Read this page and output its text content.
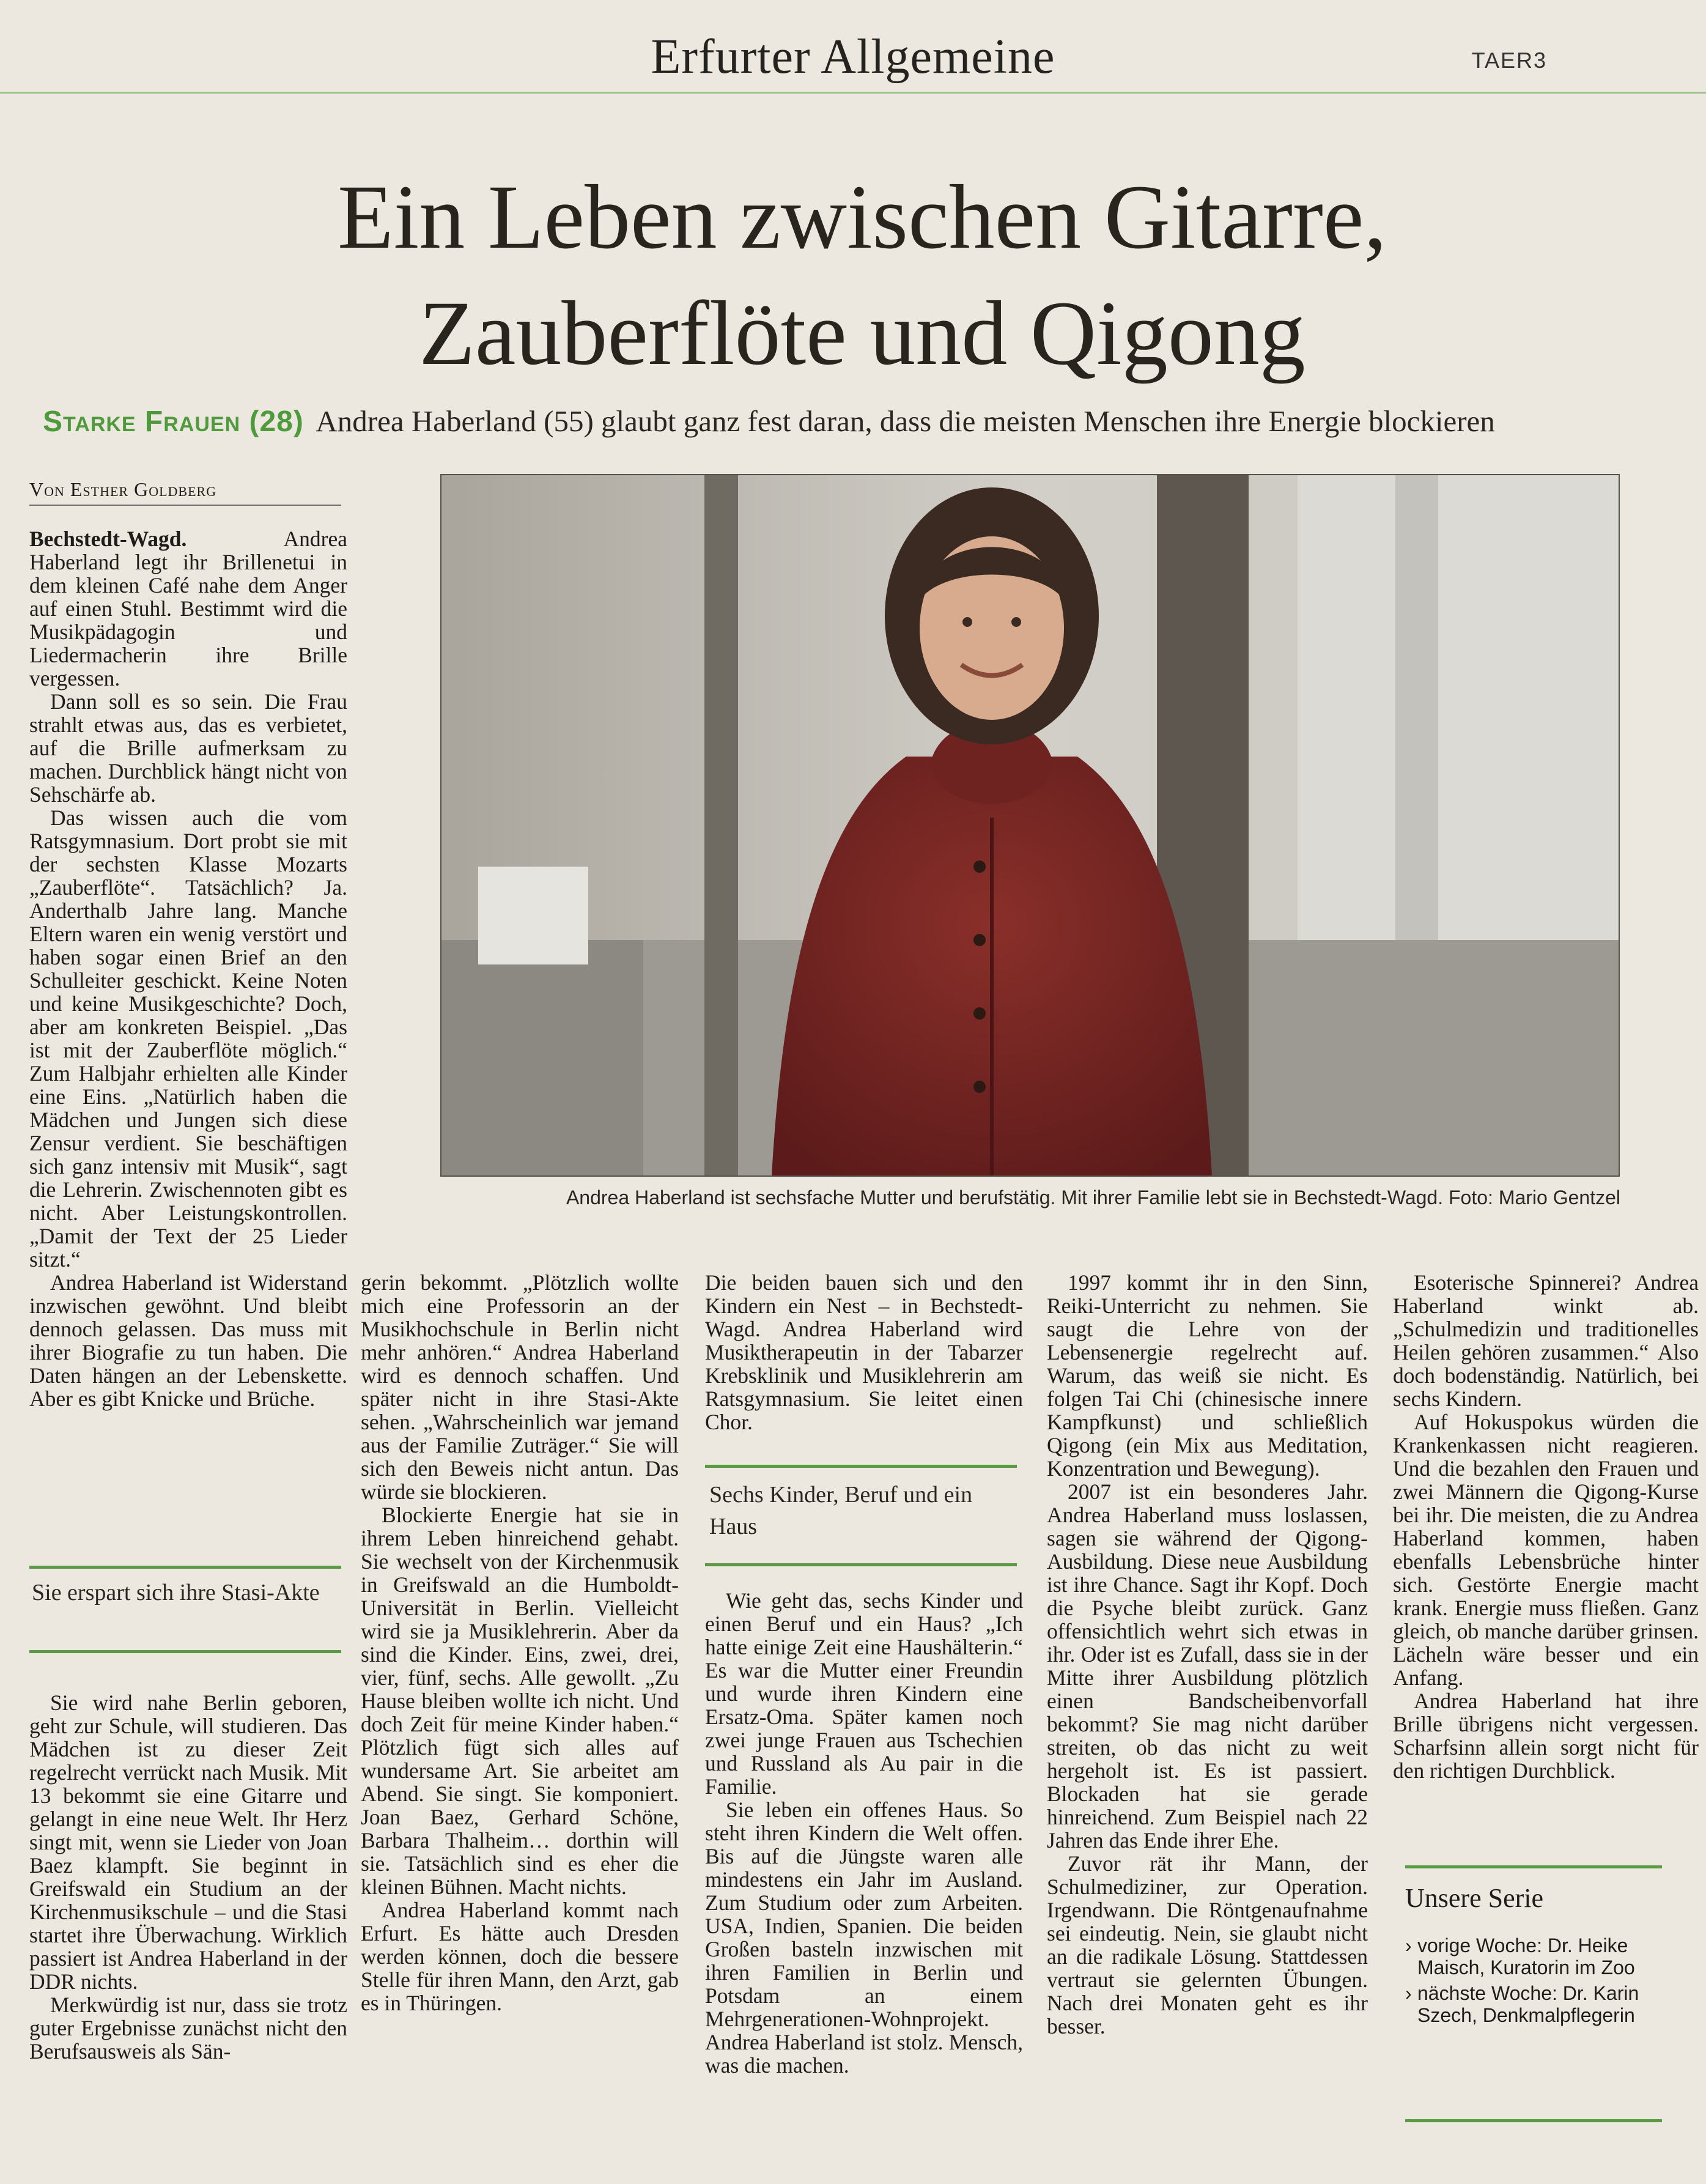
Erfurter Allgemeine	TAER3
Ein Leben zwischen Gitarre,
Zauberflöte und Qigong
Starke Frauen (28) Andrea Haberland (55) glaubt ganz fest daran, dass die meisten Menschen ihre Energie blockieren
Von Esther Goldberg
Andrea Haberland ist sechsfache Mutter und berufstätig. Mit ihrer Familie lebt sie in Bechstedt-Wagd. Foto: Mario Gentzel

Bechstedt-Wagd.	Andrea Haberland legt ihr Brillenetui in dem kleinen Café nahe dem Anger auf einen Stuhl. Bestimmt wird die Musikpädagogin und Liedermacherin ihre Brille vergessen.

Dann soll es so sein. Die Frau strahlt etwas aus, das es verbietet, auf die Brille aufmerksam zu machen. Durchblick hängt nicht von Sehschärfe ab.

Das wissen auch die vom Ratsgymnasium. Dort probt sie mit der sechsten Klasse Mozarts „Zauberflöte“. Tatsächlich? Ja. Anderthalb Jahre lang. Manche Eltern waren ein wenig verstört und haben sogar einen Brief an den Schulleiter geschickt. Keine Noten und keine Musikgeschichte? Doch, aber am konkreten Beispiel. „Das ist mit der Zauberflöte möglich.“ Zum Halbjahr erhielten alle Kinder eine Eins. „Natürlich haben die Mädchen und Jungen sich diese Zensur verdient. Sie beschäftigen sich ganz intensiv mit Musik“, sagt die Lehrerin. Zwischennoten gibt es nicht. Aber Leistungskontrollen. „Damit der Text der 25 Lieder sitzt.“

Andrea Haberland ist Widerstand inzwischen gewöhnt. Und bleibt dennoch gelassen. Das muss mit ihrer Biografie zu tun haben. Die Daten hängen an der Lebenskette. Aber es gibt Knicke und Brüche.

Sie erspart sich ihre Stasi-Akte

Sie wird nahe Berlin geboren, geht zur Schule, will studieren. Das Mädchen ist zu dieser Zeit regelrecht verrückt nach Musik. Mit 13 bekommt sie eine Gitarre und gelangt in eine neue Welt. Ihr Herz singt mit, wenn sie Lieder von Joan Baez klampft. Sie beginnt in Greifswald ein Studium an der Kirchenmusikschule – und die Stasi startet ihre Überwachung. Wirklich passiert ist Andrea Haberland in der DDR nichts.

Merkwürdig ist nur, dass sie trotz guter Ergebnisse zunächst nicht den Berufsausweis als Sän-

gerin bekommt. „Plötzlich wollte mich eine Professorin an der Musikhochschule in Berlin nicht mehr anhören.“ Andrea Haberland wird es dennoch schaffen. Und später nicht in ihre Stasi-Akte sehen. „Wahrscheinlich war jemand aus der Familie Zuträger.“ Sie will sich den Beweis nicht antun. Das würde sie blockieren.

Blockierte Energie hat sie in ihrem Leben hinreichend gehabt. Sie wechselt von der Kirchenmusik in Greifswald an die Humboldt-Universität in Berlin. Vielleicht wird sie ja Musiklehrerin. Aber da sind die Kinder. Eins, zwei, drei, vier, fünf, sechs. Alle gewollt. „Zu Hause bleiben wollte ich nicht. Und doch Zeit für meine Kinder haben.“ Plötzlich fügt sich alles auf wundersame Art. Sie arbeitet am Abend. Sie singt. Sie komponiert. Joan Baez, Gerhard Schöne, Barbara Thalheim… dorthin will sie. Tatsächlich sind es eher die kleinen Bühnen. Macht nichts.

Andrea Haberland kommt nach Erfurt. Es hätte auch Dresden werden können, doch die bessere Stelle für ihren Mann, den Arzt, gab es in Thüringen.

Die beiden bauen sich und den Kindern ein Nest – in Bechstedt-Wagd. Andrea Haberland wird Musiktherapeutin in der Tabarzer Krebsklinik und Musiklehrerin am Ratsgymnasium. Sie leitet einen Chor.

Sechs Kinder, Beruf und ein Haus

Wie geht das, sechs Kinder und einen Beruf und ein Haus? „Ich hatte einige Zeit eine Haushälterin.“ Es war die Mutter einer Freundin und wurde ihren Kindern eine Ersatz-Oma. Später kamen noch zwei junge Frauen aus Tschechien und Russland als Au pair in die Familie.

Sie leben ein offenes Haus. So steht ihren Kindern die Welt offen. Bis auf die Jüngste waren alle mindestens ein Jahr im Ausland. Zum Studium oder zum Arbeiten. USA, Indien, Spanien. Die beiden Großen basteln inzwischen mit ihren Familien in Berlin und Potsdam an einem Mehrgenerationen-Wohnprojekt. Andrea Haberland ist stolz. Mensch, was die machen.

1997 kommt ihr in den Sinn, Reiki-Unterricht zu nehmen. Sie saugt die Lehre von der Lebensenergie regelrecht auf. Warum, das weiß sie nicht. Es folgen Tai Chi (chinesische innere Kampfkunst) und schließlich Qigong (ein Mix aus Meditation, Konzentration und Bewegung).

2007 ist ein besonderes Jahr. Andrea Haberland muss loslassen, sagen sie während der Qigong-Ausbildung. Diese neue Ausbildung ist ihre Chance. Sagt ihr Kopf. Doch die Psyche bleibt zurück. Ganz offensichtlich wehrt sich etwas in ihr. Oder ist es Zufall, dass sie in der Mitte ihrer Ausbildung plötzlich einen Bandscheibenvorfall bekommt? Sie mag nicht darüber streiten, ob das nicht zu weit hergeholt ist. Es ist passiert. Blockaden hat sie gerade hinreichend. Zum Beispiel nach 22 Jahren das Ende ihrer Ehe.

Zuvor rät ihr Mann, der Schulmediziner, zur Operation. Irgendwann. Die Röntgenaufnahme sei eindeutig. Nein, sie glaubt nicht an die radikale Lösung. Stattdessen vertraut sie gelernten Übungen. Nach drei Monaten geht es ihr besser.

Esoterische Spinnerei? Andrea Haberland winkt ab. „Schulmedizin und traditionelles Heilen gehören zusammen.“ Also doch bodenständig. Natürlich, bei sechs Kindern.

Auf Hokuspokus würden die Krankenkassen nicht reagieren. Und die bezahlen den Frauen und zwei Männern die Qigong-Kurse bei ihr. Die meisten, die zu Andrea Haberland kommen, haben ebenfalls Lebensbrüche hinter sich. Gestörte Energie macht krank. Energie muss fließen. Ganz gleich, ob manche darüber grinsen. Lächeln wäre besser und ein Anfang.

Andrea Haberland hat ihre Brille übrigens nicht vergessen. Scharfsinn allein sorgt nicht für den richtigen Durchblick.

Unsere Serie
› vorige Woche: Dr. Heike Maisch, Kuratorin im Zoo
› nächste Woche: Dr. Karin Szech, Denkmalpflegerin
